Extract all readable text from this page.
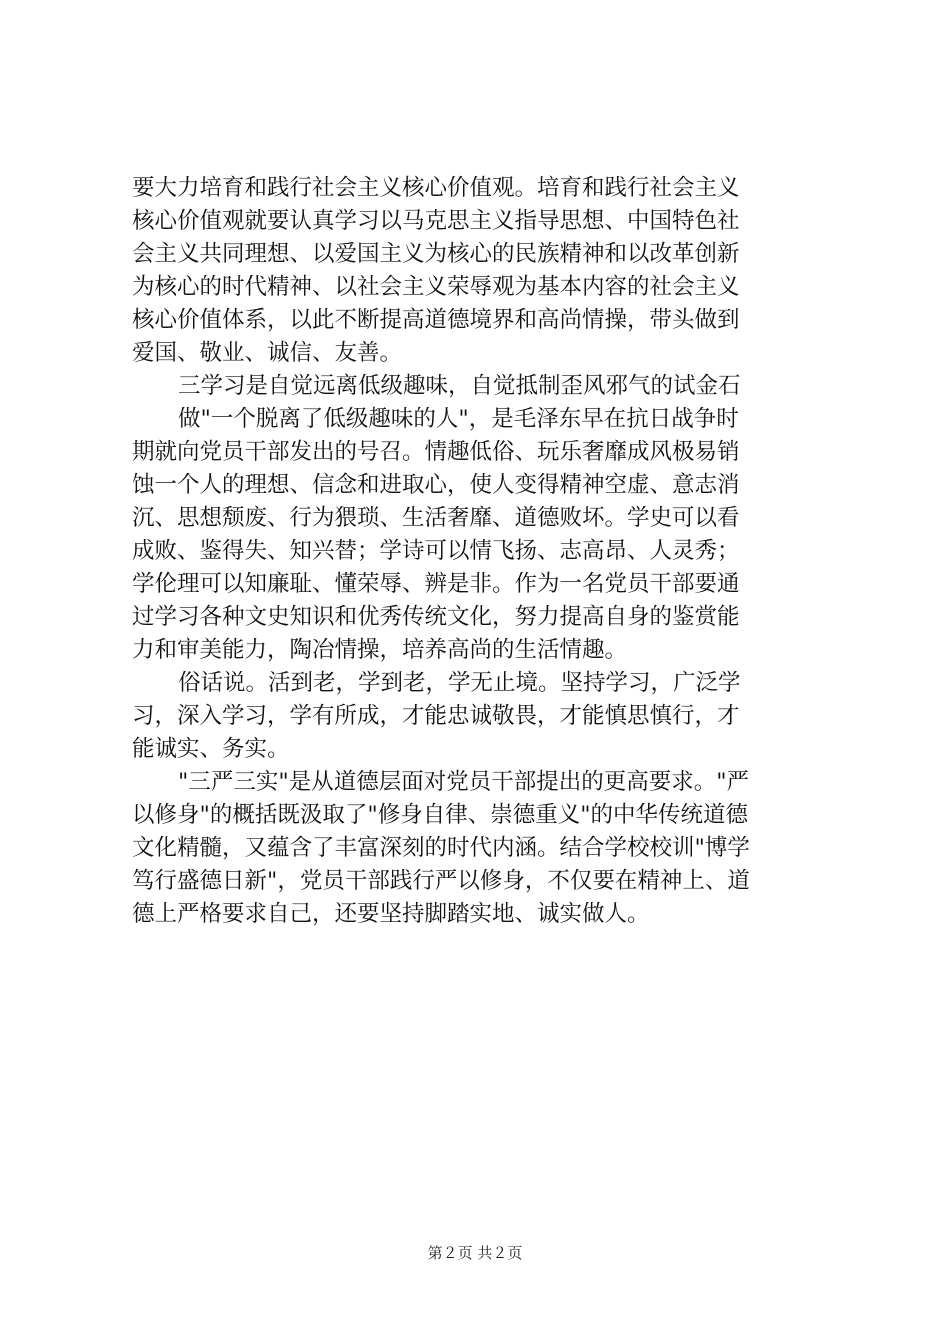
要大力培育和践行社会主义核心价值观。培育和践行社会主义
核心价值观就要认真学习以马克思主义指导思想、中国特色社
会主义共同理想、以爱国主义为核心的民族精神和以改革创新
为核心的时代精神、以社会主义荣辱观为基本内容的社会主义
核心价值体系，以此不断提高道德境界和高尚情操，带头做到
爱国、敬业、诚信、友善。
三学习是自觉远离低级趣味，自觉抵制歪风邪气的试金石
做"一个脱离了低级趣味的人"，是毛泽东早在抗日战争时
期就向党员干部发出的号召。情趣低俗、玩乐奢靡成风极易销
蚀一个人的理想、信念和进取心，使人变得精神空虚、意志消
沉、思想颓废、行为猥琐、生活奢靡、道德败坏。学史可以看
成败、鉴得失、知兴替；学诗可以情飞扬、志高昂、人灵秀；
学伦理可以知廉耻、懂荣辱、辨是非。作为一名党员干部要通
过学习各种文史知识和优秀传统文化，努力提高自身的鉴赏能
力和审美能力，陶冶情操，培养高尚的生活情趣。
俗话说。活到老，学到老，学无止境。坚持学习，广泛学
习，深入学习，学有所成，才能忠诚敬畏，才能慎思慎行，才
能诚实、务实。
"三严三实"是从道德层面对党员干部提出的更高要求。"严
以修身"的概括既汲取了"修身自律、崇德重义"的中华传统道德
文化精髓，又蕴含了丰富深刻的时代内涵。结合学校校训"博学
笃行盛德日新"，党员干部践行严以修身，不仅要在精神上、道
德上严格要求自己，还要坚持脚踏实地、诚实做人。
第２页 共２页
